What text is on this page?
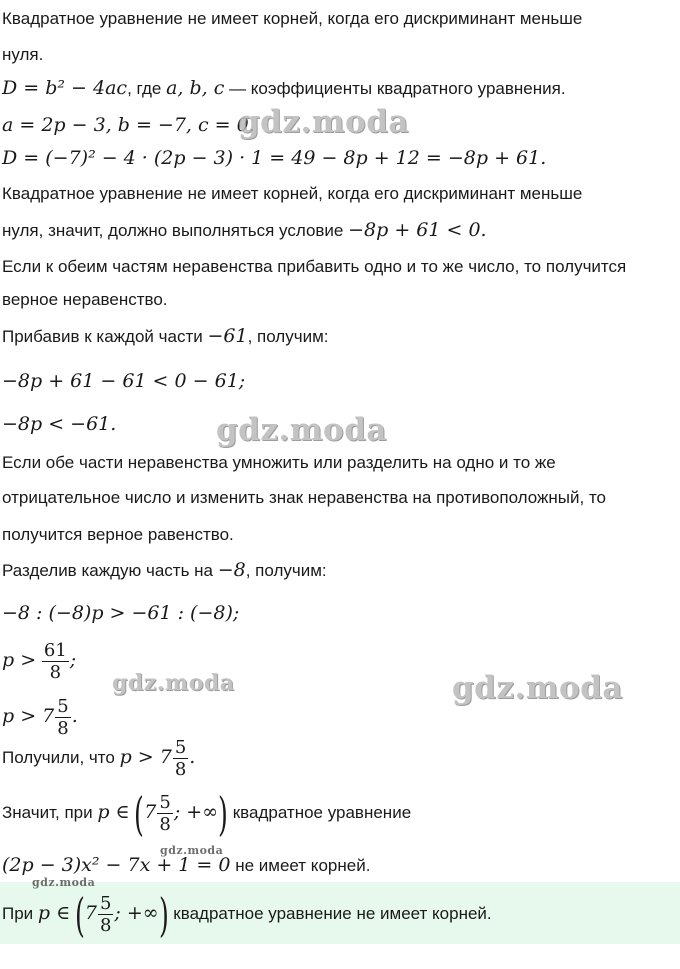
Квадратное уравнение не имеет корней, когда его дискриминант меньше
нуля.
D = b² − 4ac, где a, b, c — коэффициенты квадратного уравнения.
a = 2p − 3, b = −7, c = 0.
D = (−7)² − 4 · (2p − 3) · 1 = 49 − 8p + 12 = −8p + 61.
Квадратное уравнение не имеет корней, когда его дискриминант меньше
нуля, значит, должно выполняться условие −8p + 61 < 0.
Если к обеим частям неравенства прибавить одно и то же число, то получится
верное неравенство.
Прибавив к каждой части −61, получим:
−8p + 61 − 61 < 0 − 61;
−8p < −61.
Если обе части неравенства умножить или разделить на одно и то же
отрицательное число и изменить знак неравенства на противоположный, то
получится верное равенство.
Разделив каждую часть на −8, получим:
−8 : (−8)p > −61 : (−8);
$p > \frac{61}{8}$ ;
$p > 7 \frac{5}{8}$ .
Получили, что $p > 7 \frac{5}{8}$ .
Значит, при p ∈ ($7 \frac{5}{8}$ ; +∞) квадратное уравнение
(2p − 3)x² − 7x + 1 = 0 не имеет корней.
При p ∈ ($7 \frac{5}{8}$ ; +∞) квадратное уравнение не имеет корней.
gdz.moda
gdz.moda
gdz.moda	gdz.moda
gdz.moda
gdz.moda
